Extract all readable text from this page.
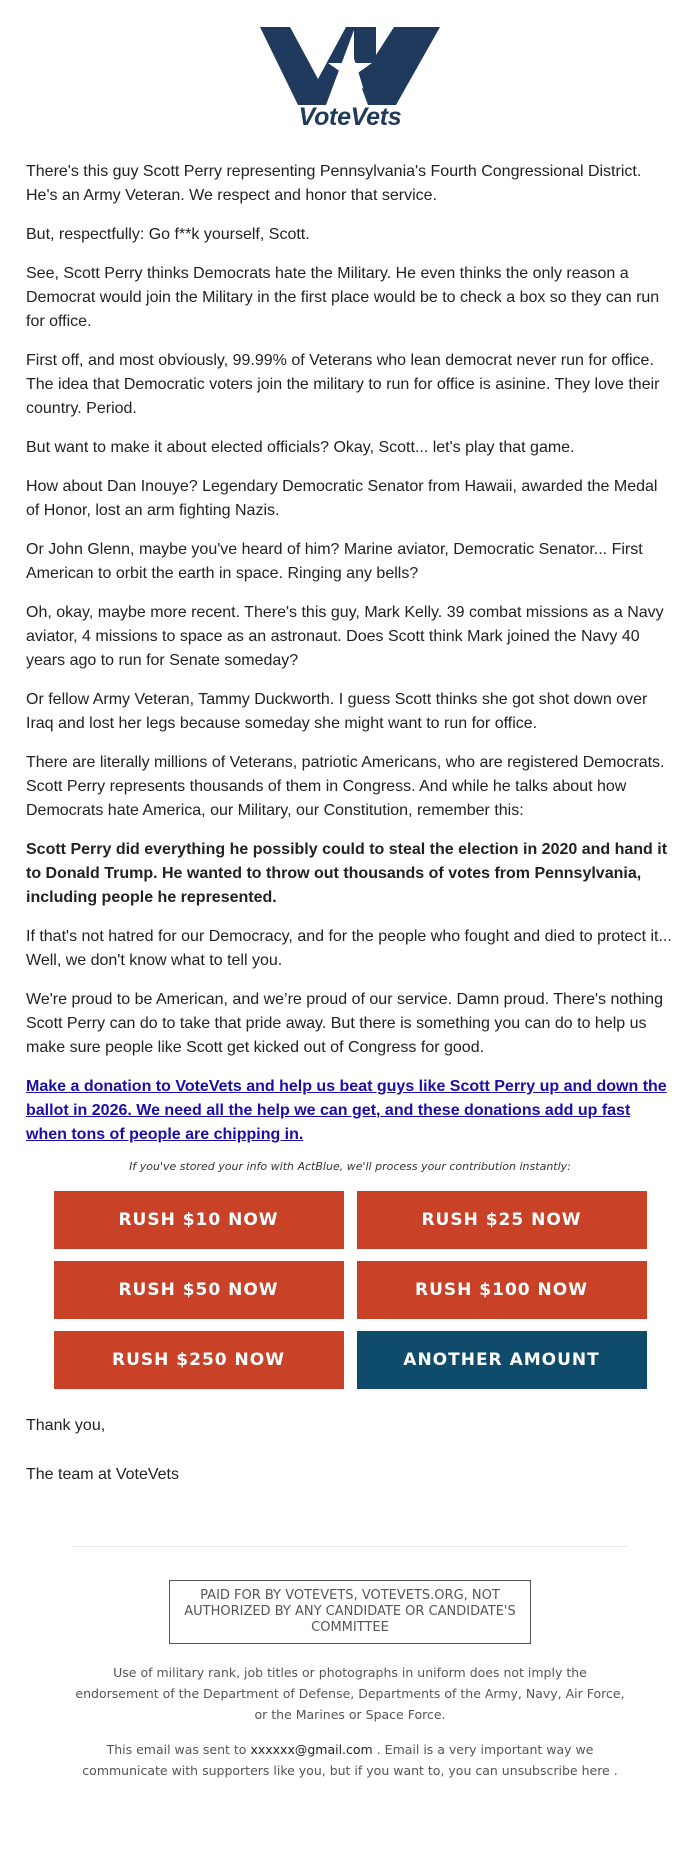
VoteVets

There's this guy Scott Perry representing Pennsylvania's Fourth Congressional District. He's an Army Veteran. We respect and honor that service.

But, respectfully: Go f**k yourself, Scott.

See, Scott Perry thinks Democrats hate the Military. He even thinks the only reason a Democrat would join the Military in the first place would be to check a box so they can run for office.

First off, and most obviously, 99.99% of Veterans who lean democrat never run for office. The idea that Democratic voters join the military to run for office is asinine. They love their country. Period.

But want to make it about elected officials? Okay, Scott... let's play that game.

How about Dan Inouye? Legendary Democratic Senator from Hawaii, awarded the Medal of Honor, lost an arm fighting Nazis.

Or John Glenn, maybe you've heard of him? Marine aviator, Democratic Senator... First American to orbit the earth in space. Ringing any bells?

Oh, okay, maybe more recent. There's this guy, Mark Kelly. 39 combat missions as a Navy aviator, 4 missions to space as an astronaut. Does Scott think Mark joined the Navy 40 years ago to run for Senate someday?

Or fellow Army Veteran, Tammy Duckworth. I guess Scott thinks she got shot down over Iraq and lost her legs because someday she might want to run for office.

There are literally millions of Veterans, patriotic Americans, who are registered Democrats. Scott Perry represents thousands of them in Congress. And while he talks about how Democrats hate America, our Military, our Constitution, remember this:

Scott Perry did everything he possibly could to steal the election in 2020 and hand it to Donald Trump. He wanted to throw out thousands of votes from Pennsylvania, including people he represented.

If that's not hatred for our Democracy, and for the people who fought and died to protect it... Well, we don't know what to tell you.

We're proud to be American, and we’re proud of our service. Damn proud. There's nothing Scott Perry can do to take that pride away. But there is something you can do to help us make sure people like Scott get kicked out of Congress for good.

Make a donation to VoteVets and help us beat guys like Scott Perry up and down the ballot in 2026. We need all the help we can get, and these donations add up fast when tons of people are chipping in.
If you've stored your info with ActBlue, we'll process your contribution instantly:
RUSH $10 NOW	RUSH $25 NOW
RUSH $50 NOW	RUSH $100 NOW
RUSH $250 NOW	ANOTHER AMOUNT

Thank you,

The team at VoteVets

PAID FOR BY VOTEVETS, VOTEVETS.ORG, NOT AUTHORIZED BY ANY CANDIDATE OR CANDIDATE'S COMMITTEE

Use of military rank, job titles or photographs in uniform does not imply the endorsement of the Department of Defense, Departments of the Army, Navy, Air Force, or the Marines or Space Force.

This email was sent to xxxxxx@gmail.com . Email is a very important way we communicate with supporters like you, but if you want to, you can unsubscribe here .
